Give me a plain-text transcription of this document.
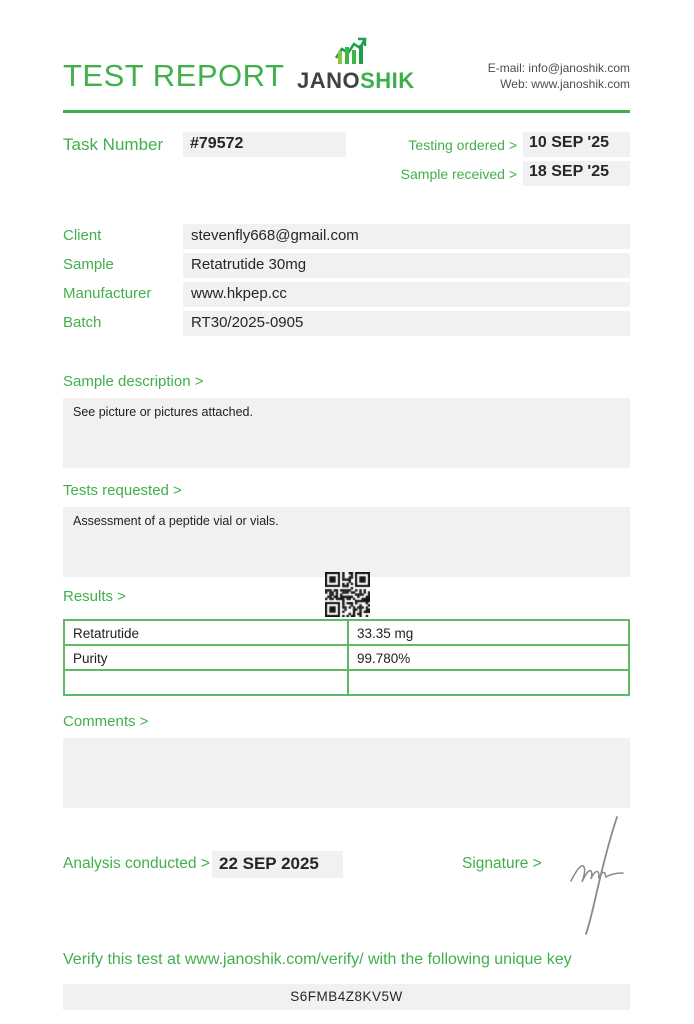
TEST REPORT JANOSHIK	E-mail: info@janoshik.com
Web: www.janoshik.com
Task Number	#79572	Testing ordered > 10 SEP '25
Sample received > 18 SEP '25
Client	stevenfly668@gmail.com
Sample	Retatrutide 30mg
Manufacturer	www.hkpep.cc
Batch	RT30/2025-0905
Sample description >
See picture or pictures attached.
Tests requested >
Assessment of a peptide vial or vials.
Results >
Retatrutide	33.35 mg
Purity	99.780%

Comments >
Analysis conducted > 22 SEP 2025	Signature >
Verify this test at www.janoshik.com/verify/ with the following unique key
S6FMB4Z8KV5W
